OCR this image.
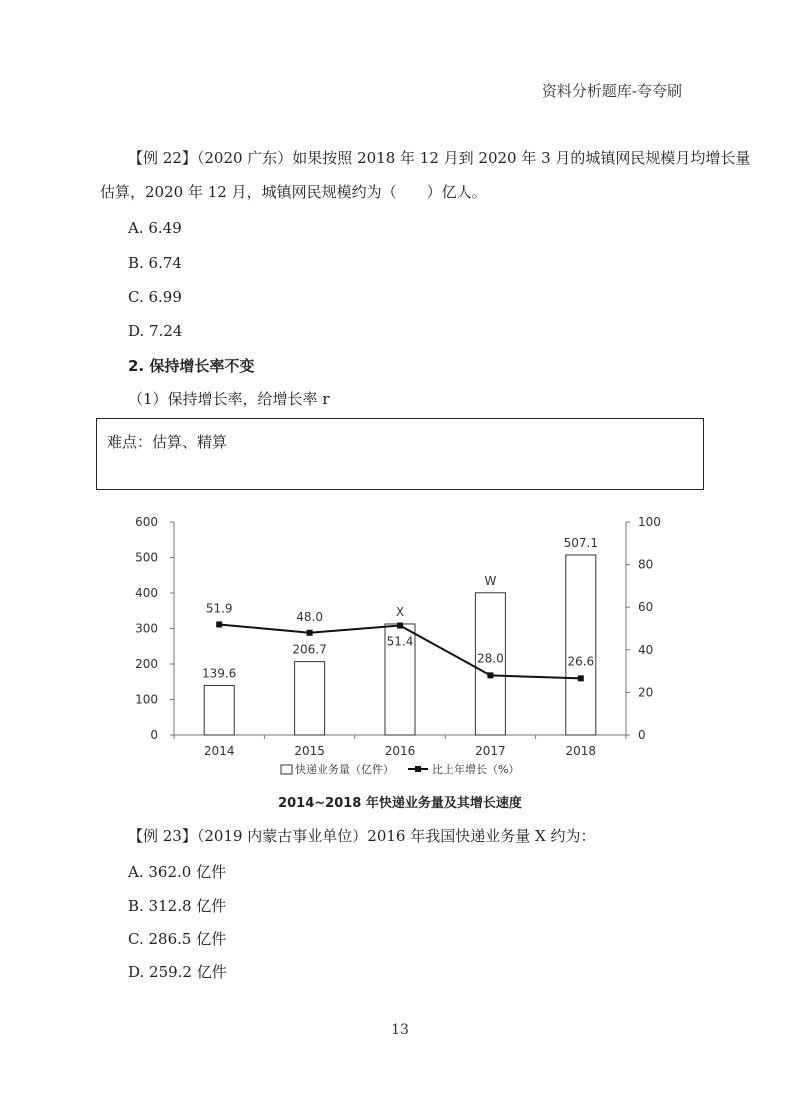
资料分析题库-夸夸刷
【例 22】（2020 广东）如果按照 2018 年 12 月到 2020 年 3 月的城镇网民规模月均增长量
估算，2020 年 12 月，城镇网民规模约为（　　）亿人。
A. 6.49
B. 6.74
C. 6.99
D. 7.24
2. 保持增长率不变
（1）保持增长率，给增长率 r
难点：估算、精算
0
100
200
300
400
500
600
0
20
40
60
80
100
2014	2015	2016	2017	2018
139.6
206.7
X
W
507.1
51.9
48.0
51.4
28.0	26.6
快递业务量（亿件）	比上年增长（%）
2014~2018 年快递业务量及其增长速度
【例 23】（2019 内蒙古事业单位）2016 年我国快递业务量 X 约为：
A. 362.0 亿件
B. 312.8 亿件
C. 286.5 亿件
D. 259.2 亿件
13
